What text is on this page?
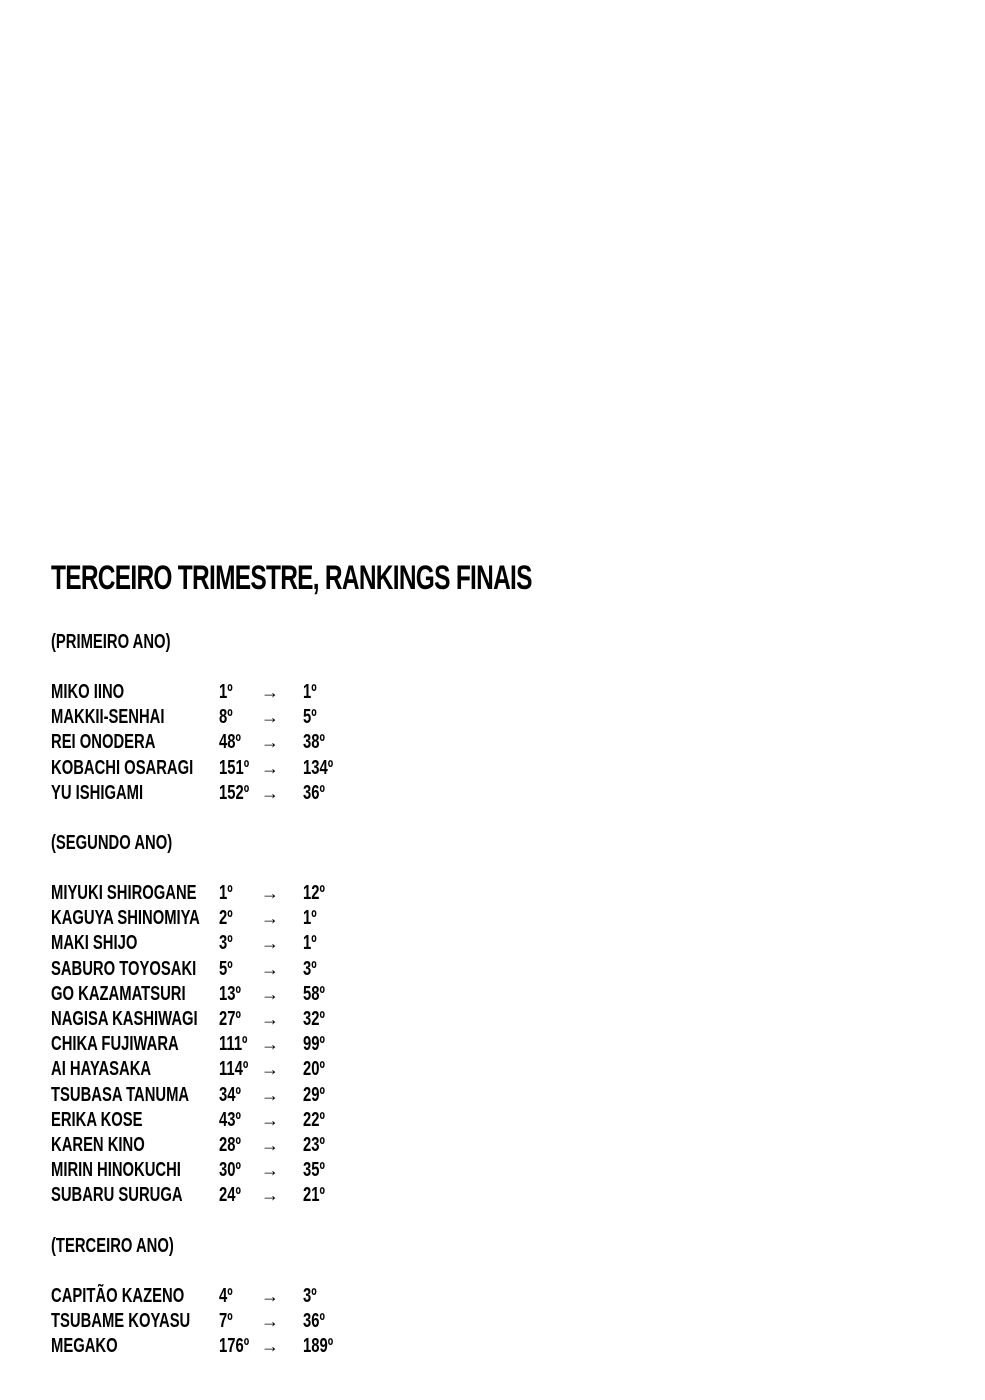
TERCEIRO TRIMESTRE, RANKINGS FINAIS
(PRIMEIRO ANO)
MIKO IINO	1º → 1º
MAKKII-SENHAI	8º → 5º
REI ONODERA	48º → 38º
KOBACHI OSARAGI 151º → 134º
YU ISHIGAMI	152º → 36º
(SEGUNDO ANO)
MIYUKI SHIROGANE 1º → 12º
KAGUYA SHINOMIYA 2º → 1º
MAKI SHIJO	3º → 1º
SABURO TOYOSAKI 5º → 3º
GO KAZAMATSURI 13º → 58º
NAGISA KASHIWAGI 27º → 32º
CHIKA FUJIWARA 111º → 99º
AI HAYASAKA	114º → 20º
TSUBASA TANUMA 34º → 29º
ERIKA KOSE	43º → 22º
KAREN KINO	28º → 23º
MIRIN HINOKUCHI 30º → 35º
SUBARU SURUGA 24º → 21º
(TERCEIRO ANO)
CAPITÃO KAZENO 4º → 3º
TSUBAME KOYASU 7º → 36º
MEGAKO	176º → 189º
